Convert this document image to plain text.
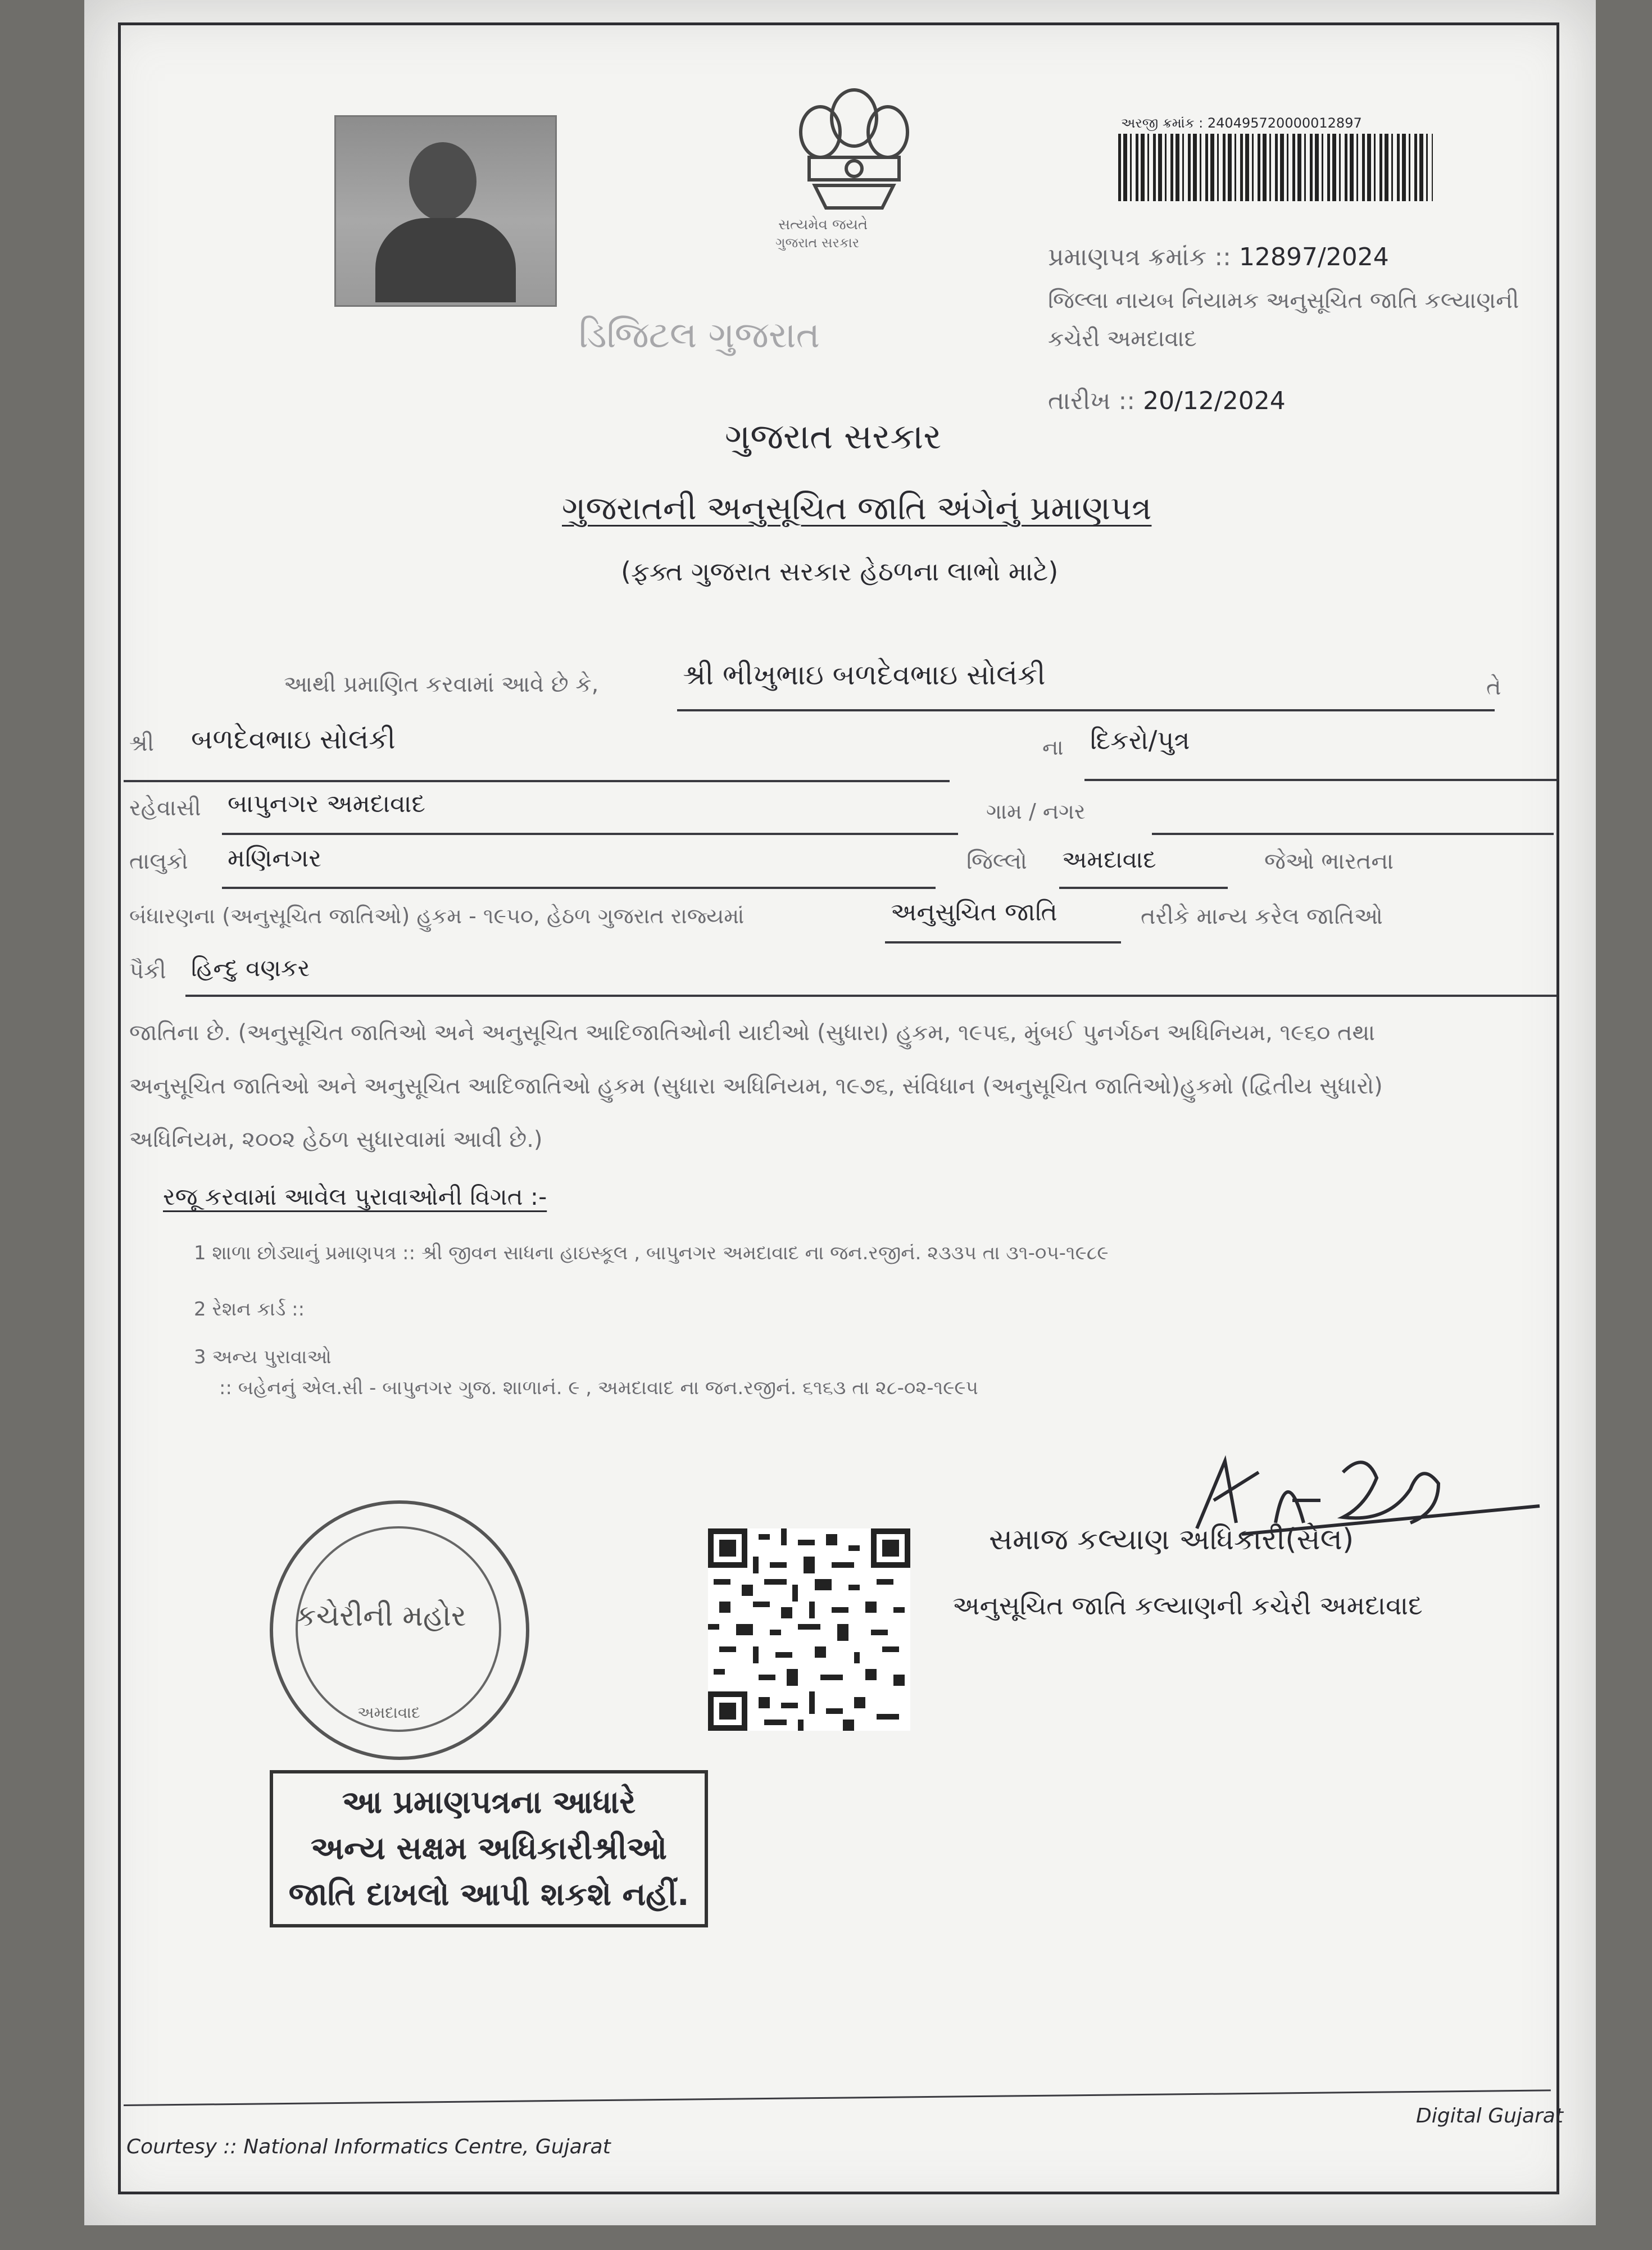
સત્યમેવ જયતે
ગુજરાત સરકાર
ડિજિટલ ગુજરાત
અરજી ક્રમાંક : 240495720000012897
પ્રમાણપત્ર ક્રમાંક :: 12897/2024
જિલ્લા નાયબ નિયામક અનુસૂચિત જાતિ કલ્યાણની
કચેરી અમદાવાદ
તારીખ :: 20/12/2024
ગુજરાત સરકાર
ગુજરાતની અનુસૂચિત જાતિ અંગેનું પ્રમાણપત્ર
(ફક્ત ગુજરાત સરકાર હેઠળના લાભો માટે)
આથી પ્રમાણિત કરવામાં આવે છે કે,	શ્રી ભીખુભાઇ બળદેવભાઇ સોલંકી	તે
શ્રી બળદેવભાઇ સોલંકી	ના દિકરો/પુત્ર
રહેવાસી બાપુનગર અમદાવાદ	ગામ / નગર
તાલુકો મણિનગર	જિલ્લો અમદાવાદ	જેઓ ભારતના
બંધારણના (અનુસૂચિત જાતિઓ) હુકમ - ૧૯૫૦, હેઠળ ગુજરાત રાજ્યમાં	અનુસુચિત જાતિ	તરીકે માન્ય કરેલ જાતિઓ
પૈકી હિન્દુ વણકર
જાતિના છે. (અનુસૂચિત જાતિઓ અને અનુસૂચિત આદિજાતિઓની યાદીઓ (સુધારા) હુકમ, ૧૯૫૬, મુંબઈ પુનર્ગઠન અધિનિયમ, ૧૯૬૦ તથા
અનુસૂચિત જાતિઓ અને અનુસૂચિત આદિજાતિઓ હુકમ (સુધારા અધિનિયમ, ૧૯૭૬, સંવિધાન (અનુસૂચિત જાતિઓ)હુકમો (દ્વિતીય સુધારો)
અધિનિયમ, ૨૦૦૨ હેઠળ સુધારવામાં આવી છે.)
રજૂ કરવામાં આવેલ પુરાવાઓની વિગત :-
1 શાળા છોડ્યાનું પ્રમાણપત્ર :: શ્રી જીવન સાધના હાઇસ્કૂલ , બાપુનગર અમદાવાદ ના જન.રજીનં. ૨૩૩૫ તા ૩૧-૦૫-૧૯૮૯
2 રેશન કાર્ડ ::
3 અન્ય પુરાવાઓ
:: બહેનનું એલ.સી - બાપુનગર ગુજ. શાળાનં. ૯ , અમદાવાદ ના જન.રજીનં. ૬૧૬૩ તા ૨૮-૦૨-૧૯૯૫
સમાજ કલ્યાણ અધિકારી(સેલ)
અનુસૂચિત જાતિ કલ્યાણની કચેરી અમદાવાદ
કચેરીની મહોર
અમદાવાદ
આ પ્રમાણપત્રના આધારે
અન્ય સક્ષમ અધિકારીશ્રીઓ
જાતિ દાખલો આપી શકશે નહીં.
Courtesy :: National Informatics Centre, Gujarat
Digital Gujarat
